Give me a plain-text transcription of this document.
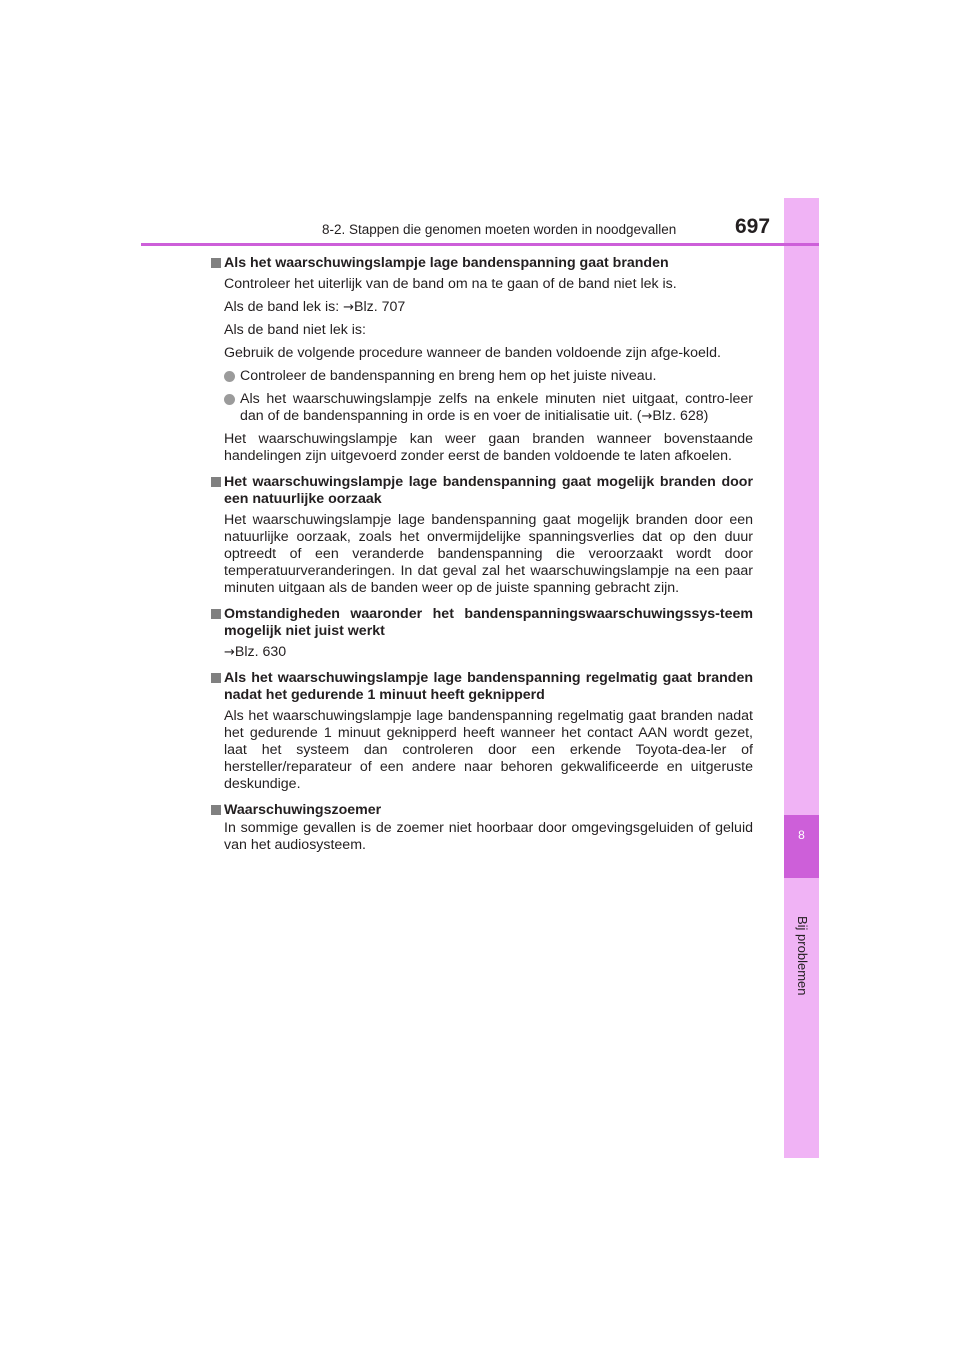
8
Bij problemen
8-2. Stappen die genomen moeten worden in noodgevallen	697
Als het waarschuwingslampje lage bandenspanning gaat branden
Controleer het uiterlijk van de band om na te gaan of de band niet lek is.
Als de band lek is: →Blz. 707
Als de band niet lek is:
Gebruik de volgende procedure wanneer de banden voldoende zijn afge-koeld.
Controleer de bandenspanning en breng hem op het juiste niveau.
Als het waarschuwingslampje zelfs na enkele minuten niet uitgaat, contro-leer dan of de bandenspanning in orde is en voer de initialisatie uit. (→Blz. 628)
Het waarschuwingslampje kan weer gaan branden wanneer bovenstaande handelingen zijn uitgevoerd zonder eerst de banden voldoende te laten afkoelen.
Het waarschuwingslampje lage bandenspanning gaat mogelijk branden door een natuurlijke oorzaak
Het waarschuwingslampje lage bandenspanning gaat mogelijk branden door een natuurlijke oorzaak, zoals het onvermijdelijke spanningsverlies dat op den duur optreedt of een veranderde bandenspanning die veroorzaakt wordt door temperatuurveranderingen. In dat geval zal het waarschuwingslampje na een paar minuten uitgaan als de banden weer op de juiste spanning gebracht zijn.
Omstandigheden waaronder het bandenspanningswaarschuwingssys-teem mogelijk niet juist werkt
→Blz. 630
Als het waarschuwingslampje lage bandenspanning regelmatig gaat branden nadat het gedurende 1 minuut heeft geknipperd
Als het waarschuwingslampje lage bandenspanning regelmatig gaat branden nadat het gedurende 1 minuut geknipperd heeft wanneer het contact AAN wordt gezet, laat het systeem dan controleren door een erkende Toyota-dea-ler of hersteller/reparateur of een andere naar behoren gekwalificeerde en uitgeruste deskundige.
Waarschuwingszoemer
In sommige gevallen is de zoemer niet hoorbaar door omgevingsgeluiden of geluid van het audiosysteem.
